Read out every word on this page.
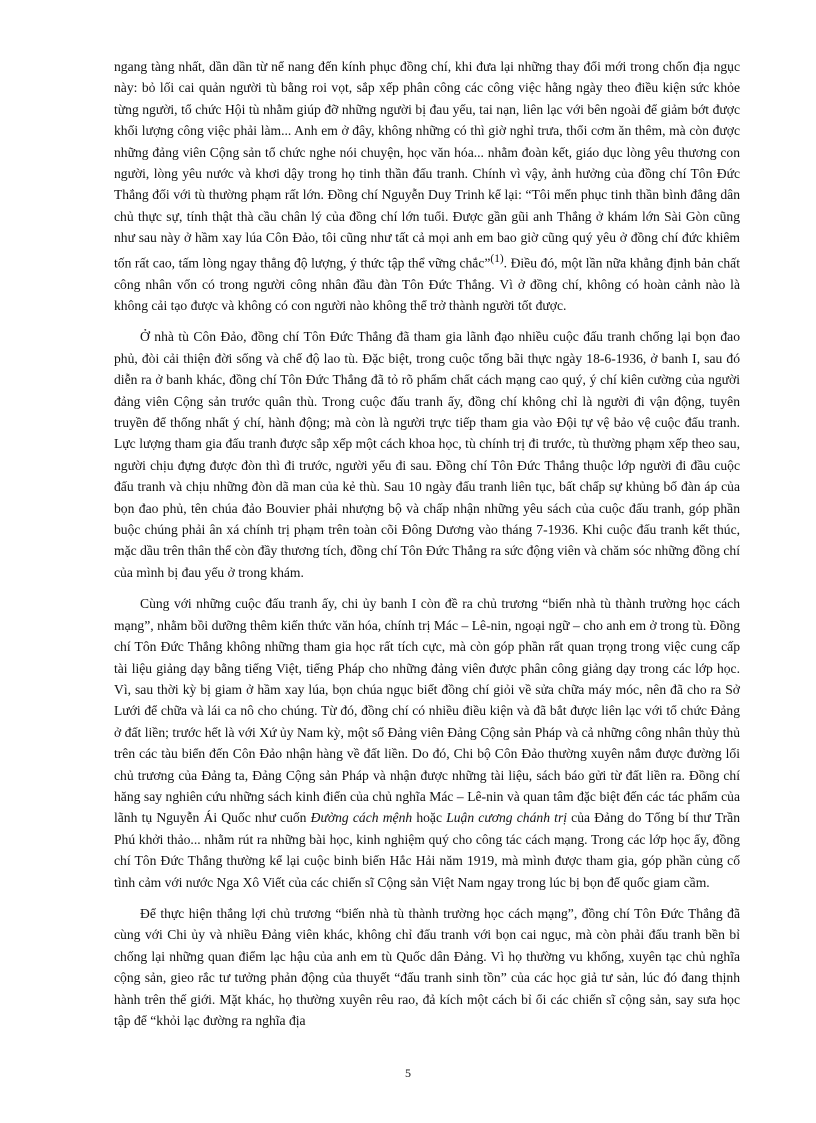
ngang tàng nhất, dần dần từ nể nang đến kính phục đồng chí, khi đưa lại những thay đổi mới trong chốn địa ngục này: bỏ lối cai quản người tù bằng roi vọt, sắp xếp phân công các công việc hằng ngày theo điều kiện sức khỏe từng người, tổ chức Hội tù nhằm giúp đỡ những người bị đau yếu, tai nạn, liên lạc với bên ngoài để giảm bớt được khối lượng công việc phải làm... Anh em ở đây, không những có thì giờ nghỉ trưa, thổi cơm ăn thêm, mà còn được những đảng viên Cộng sản tổ chức nghe nói chuyện, học văn hóa... nhằm đoàn kết, giáo dục lòng yêu thương con người, lòng yêu nước và khơi dậy trong họ tinh thần đấu tranh. Chính vì vậy, ảnh hưởng của đồng chí Tôn Đức Thắng đối với tù thường phạm rất lớn. Đồng chí Nguyễn Duy Trinh kể lại: “Tôi mến phục tinh thần bình đẳng dân chủ thực sự, tính thật thà cầu chân lý của đồng chí lớn tuổi. Được gần gũi anh Thắng ở khám lớn Sài Gòn cũng như sau này ở hầm xay lúa Côn Đảo, tôi cũng như tất cả mọi anh em bao giờ cũng quý yêu ở đồng chí đức khiêm tốn rất cao, tấm lòng ngay thẳng độ lượng, ý thức tập thể vững chắc”$^{(1)}$. Điều đó, một lần nữa khẳng định bản chất công nhân vốn có trong người công nhân đầu đàn Tôn Đức Thắng. Vì ở đồng chí, không có hoàn cảnh nào là không cải tạo được và không có con người nào không thể trở thành người tốt được.

Ở nhà tù Côn Đảo, đồng chí Tôn Đức Thắng đã tham gia lãnh đạo nhiều cuộc đấu tranh chống lại bọn đao phủ, đòi cải thiện đời sống và chế độ lao tù. Đặc biệt, trong cuộc tổng bãi thực ngày 18-6-1936, ở banh I, sau đó diễn ra ở banh khác, đồng chí Tôn Đức Thắng đã tỏ rõ phẩm chất cách mạng cao quý, ý chí kiên cường của người đảng viên Cộng sản trước quân thù. Trong cuộc đấu tranh ấy, đồng chí không chỉ là người đi vận động, tuyên truyền để thống nhất ý chí, hành động; mà còn là người trực tiếp tham gia vào Đội tự vệ bảo vệ cuộc đấu tranh. Lực lượng tham gia đấu tranh được sắp xếp một cách khoa học, tù chính trị đi trước, tù thường phạm xếp theo sau, người chịu đựng được đòn thì đi trước, người yếu đi sau. Đồng chí Tôn Đức Thắng thuộc lớp người đi đầu cuộc đấu tranh và chịu những đòn dã man của kẻ thù. Sau 10 ngày đấu tranh liên tục, bất chấp sự khủng bố đàn áp của bọn đao phủ, tên chúa đảo Bouvier phải nhượng bộ và chấp nhận những yêu sách của cuộc đấu tranh, góp phần buộc chúng phải ân xá chính trị phạm trên toàn cõi Đông Dương vào tháng 7-1936. Khi cuộc đấu tranh kết thúc, mặc dầu trên thân thể còn đầy thương tích, đồng chí Tôn Đức Thắng ra sức động viên và chăm sóc những đồng chí của mình bị đau yếu ở trong khám.

Cùng với những cuộc đấu tranh ấy, chi ủy banh I còn đề ra chủ trương “biến nhà tù thành trường học cách mạng”, nhằm bồi dưỡng thêm kiến thức văn hóa, chính trị Mác – Lê-nin, ngoại ngữ – cho anh em ở trong tù. Đồng chí Tôn Đức Thắng không những tham gia học rất tích cực, mà còn góp phần rất quan trọng trong việc cung cấp tài liệu giảng dạy bằng tiếng Việt, tiếng Pháp cho những đảng viên được phân công giảng dạy trong các lớp học. Vì, sau thời kỳ bị giam ở hầm xay lúa, bọn chúa ngục biết đồng chí giỏi về sửa chữa máy móc, nên đã cho ra Sở Lưới để chữa và lái ca nô cho chúng. Từ đó, đồng chí có nhiều điều kiện và đã bắt được liên lạc với tổ chức Đảng ở đất liền; trước hết là với Xứ ủy Nam kỳ, một số Đảng viên Đảng Cộng sản Pháp và cả những công nhân thủy thủ trên các tàu biển đến Côn Đảo nhận hàng về đất liền. Do đó, Chi bộ Côn Đảo thường xuyên nắm được đường lối chủ trương của Đảng ta, Đảng Cộng sản Pháp và nhận được những tài liệu, sách báo gửi từ đất liền ra. Đồng chí hăng say nghiên cứu những sách kinh điển của chủ nghĩa Mác – Lê-nin và quan tâm đặc biệt đến các tác phẩm của lãnh tụ Nguyễn Ái Quốc như cuốn Đường cách mệnh hoặc Luận cương chánh trị của Đảng do Tổng bí thư Trần Phú khởi thảo... nhằm rút ra những bài học, kinh nghiệm quý cho công tác cách mạng. Trong các lớp học ấy, đồng chí Tôn Đức Thắng thường kể lại cuộc binh biến Hắc Hải năm 1919, mà mình được tham gia, góp phần củng cố tình cảm với nước Nga Xô Viết của các chiến sĩ Cộng sản Việt Nam ngay trong lúc bị bọn đế quốc giam cầm.

Để thực hiện thắng lợi chủ trương “biến nhà tù thành trường học cách mạng”, đồng chí Tôn Đức Thắng đã cùng với Chi ủy và nhiều Đảng viên khác, không chỉ đấu tranh với bọn cai ngục, mà còn phải đấu tranh bền bỉ chống lại những quan điểm lạc hậu của anh em tù Quốc dân Đảng. Vì họ thường vu khống, xuyên tạc chủ nghĩa cộng sản, gieo rắc tư tưởng phản động của thuyết “đấu tranh sinh tồn” của các học giả tư sản, lúc đó đang thịnh hành trên thế giới. Mặt khác, họ thường xuyên rêu rao, đả kích một cách bỉ ổi các chiến sĩ cộng sản, say sưa học tập để “khỏi lạc đường ra nghĩa địa

5
